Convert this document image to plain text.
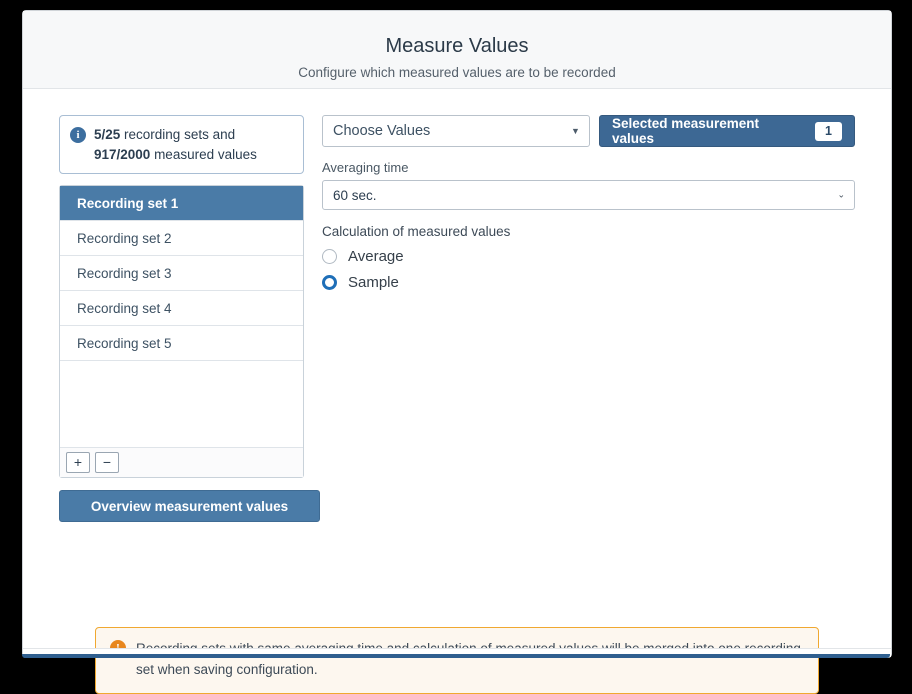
Measure Values
Configure which measured values are to be recorded
i	5/25 recording sets and
917/2000 measured values
Recording set 1
Recording set 2
Recording set 3
Recording set 4
Recording set 5
+	−
Overview measurement values
Choose Values	▼ Selected measurement values
1
Averaging time
60 sec.	⌄
Calculation of measured values
Average
Sample
set when saving configuration.
